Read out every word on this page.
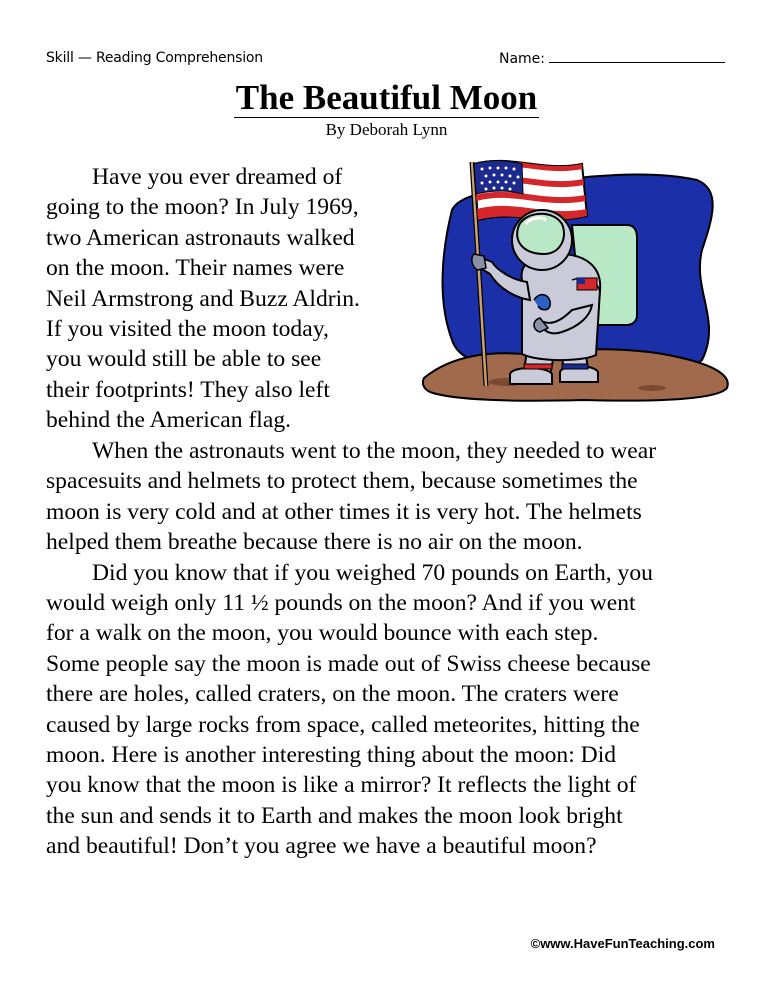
Skill — Reading Comprehension	Name:
The Beautiful Moon
By Deborah Lynn
Have you ever dreamed of
going to the moon? In July 1969,
two American astronauts walked
on the moon. Their names were
Neil Armstrong and Buzz Aldrin.
If you visited the moon today,
you would still be able to see
their footprints! They also left
behind the American flag.
When the astronauts went to the moon, they needed to wear
spacesuits and helmets to protect them, because sometimes the
moon is very cold and at other times it is very hot. The helmets
helped them breathe because there is no air on the moon.
Did you know that if you weighed 70 pounds on Earth, you
would weigh only 11 ½ pounds on the moon? And if you went
for a walk on the moon, you would bounce with each step.
Some people say the moon is made out of Swiss cheese because
there are holes, called craters, on the moon. The craters were
caused by large rocks from space, called meteorites, hitting the
moon. Here is another interesting thing about the moon: Did
you know that the moon is like a mirror? It reflects the light of
the sun and sends it to Earth and makes the moon look bright
and beautiful! Don’t you agree we have a beautiful moon?
©www.HaveFunTeaching.com
